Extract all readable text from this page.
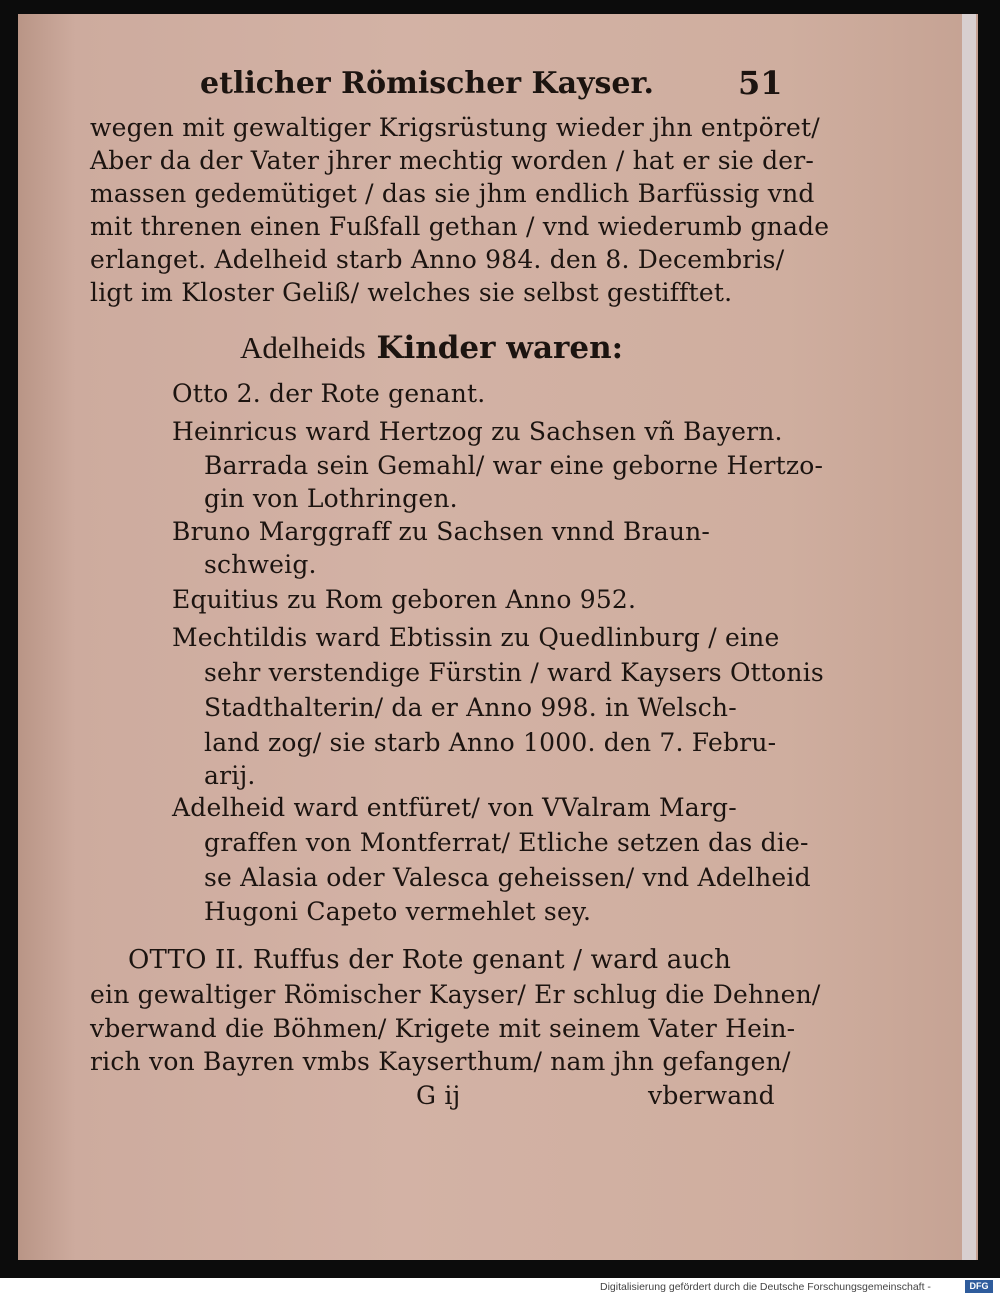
etlicher Römischer Kayser.	51
wegen mit gewaltiger Krigsrüstung wieder jhn entpöret/
Aber da der Vater jhrer mechtig worden / hat er sie der-
massen gedemütiget / das sie jhm endlich Barfüssig vnd
mit threnen einen Fußfall gethan / vnd wiederumb gnade
erlanget. Adelheid starb Anno 984. den 8. Decembris/
ligt im Kloster Geliß/ welches sie selbst gestifftet.
Adelheids Kinder waren:
Otto 2. der Rote genant.
Heinricus ward Hertzog zu Sachsen vñ Bayern.
Barrada sein Gemahl/ war eine geborne Hertzo-
gin von Lothringen.
Bruno Marggraff zu Sachsen vnnd Braun-
schweig.
Equitius zu Rom geboren Anno 952.
Mechtildis ward Ebtissin zu Quedlinburg / eine
sehr verstendige Fürstin / ward Kaysers Ottonis
Stadthalterin/ da er Anno 998. in Welsch-
land zog/ sie starb Anno 1000. den 7. Febru-
arij.
Adelheid ward entfüret/ von VValram Marg-
graffen von Montferrat/ Etliche setzen das die-
se Alasia oder Valesca geheissen/ vnd Adelheid
Hugoni Capeto vermehlet sey.
OTTO II. Ruffus der Rote genant / ward auch
ein gewaltiger Römischer Kayser/ Er schlug die Dehnen/
vberwand die Böhmen/ Krigete mit seinem Vater Hein-
rich von Bayren vmbs Kayserthum/ nam jhn gefangen/
G ij	vberwand
Digitalisierung gefördert durch die Deutsche Forschungsgemeinschaft -	DFG
